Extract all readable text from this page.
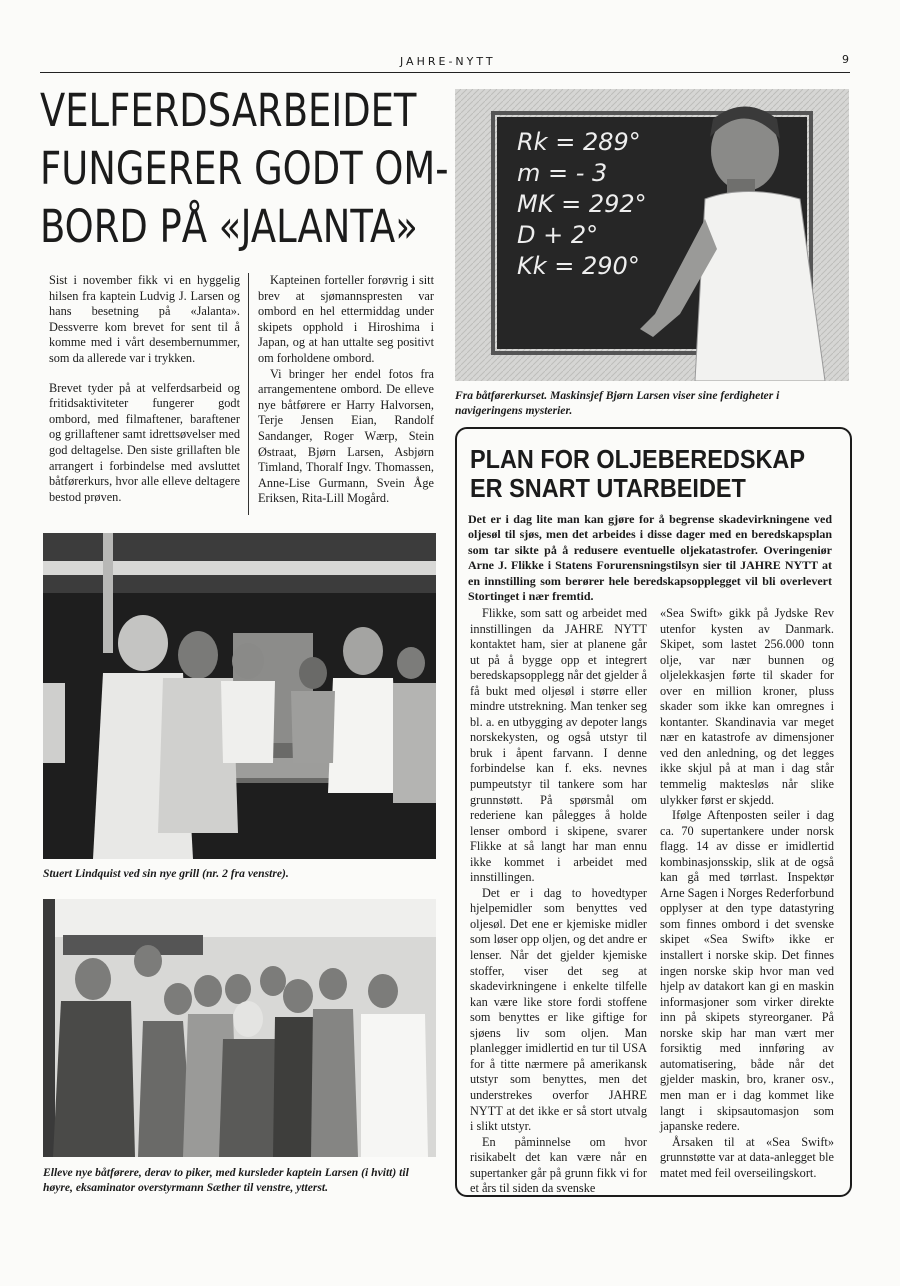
JAHRE-NYTT	9
VELFERDSARBEIDET
FUNGERER GODT OM-
BORD PÅ «JALANTA»

Sist i november fikk vi en hyggelig hilsen fra kaptein Ludvig J. Larsen og hans besetning på «Jalanta». Dessverre kom brevet for sent til å komme med i vårt desembernummer, som da allerede var i trykken.

Brevet tyder på at velferdsarbeid og fritidsaktiviteter fungerer godt ombord, med filmaftener, baraftener og grillaftener samt idrettsøvelser med god deltagelse. Den siste grillaften ble arrangert i forbindelse med avsluttet båtførerkurs, hvor alle elleve deltagere bestod prøven.

Kapteinen forteller forøvrig i sitt brev at sjømannspresten var ombord en hel ettermiddag under skipets opphold i Hiroshima i Japan, og at han uttalte seg positivt om forholdene ombord.

Vi bringer her endel fotos fra arrangementene ombord. De elleve nye båtførere er Harry Halvorsen, Terje Jensen Eian, Randolf Sandanger, Roger Wærp, Stein Østraat, Bjørn Larsen, Asbjørn Timland, Thoralf Ingv. Thomassen, Anne-Lise Gurmann, Svein Åge Eriksen, Rita-Lill Mogård.

Rk = 289°
m = - 3
MK = 292°
D + 2°
Kk = 290°
Fra båtførerkurset. Maskinsjef Bjørn Larsen viser sine ferdigheter i navigeringens mysterier.
Stuert Lindquist ved sin nye grill (nr. 2 fra venstre).
Elleve nye båtførere, derav to piker, med kursleder kaptein Larsen (i hvitt) til høyre, eksaminator overstyrmann Sæther til venstre, ytterst.
PLAN FOR OLJEBEREDSKAP
ER SNART UTARBEIDET
Det er i dag lite man kan gjøre for å begrense skadevirkningene ved oljesøl til sjøs, men det arbeides i disse dager med en beredskapsplan som tar sikte på å redusere eventuelle oljekatastrofer. Overingeniør Arne J. Flikke i Statens Forurensningstilsyn sier til JAHRE NYTT at en innstilling som berører hele beredskapsopplegget vil bli overlevert Stortinget i nær fremtid.

Flikke, som satt og arbeidet med innstillingen da JAHRE NYTT kontaktet ham, sier at planene går ut på å bygge opp et integrert beredskapsopplegg når det gjelder å få bukt med oljesøl i større eller mindre utstrekning. Man tenker seg bl. a. en utbygging av depoter langs norskekysten, og også utstyr til bruk i åpent farvann. I denne forbindelse kan f. eks. nevnes pumpeutstyr til tankere som har grunnstøtt. På spørsmål om rederiene kan pålegges å holde lenser ombord i skipene, svarer Flikke at så langt har man ennu ikke kommet i arbeidet med innstillingen.

Det er i dag to hovedtyper hjelpemidler som benyttes ved oljesøl. Det ene er kjemiske midler som løser opp oljen, og det andre er lenser. Når det gjelder kjemiske stoffer, viser det seg at skadevirkningene i enkelte tilfelle kan være like store fordi stoffene som benyttes er like giftige for sjøens liv som oljen. Man planlegger imidlertid en tur til USA for å titte nærmere på amerikansk utstyr som benyttes, men det understrekes overfor JAHRE NYTT at det ikke er så stort utvalg i slikt utstyr.

En påminnelse om hvor risikabelt det kan være når en supertanker går på grunn fikk vi for et års til siden da svenske

«Sea Swift» gikk på Jydske Rev utenfor kysten av Danmark. Skipet, som lastet 256.000 tonn olje, var nær bunnen og oljelekkasjen førte til skader for over en million kroner, pluss skader som ikke kan omregnes i kontanter. Skandinavia var meget nær en katastrofe av dimensjoner ved den anledning, og det legges ikke skjul på at man i dag står temmelig maktesløs når slike ulykker først er skjedd.

Ifølge Aftenposten seiler i dag ca. 70 supertankere under norsk flagg. 14 av disse er imidlertid kombinasjonsskip, slik at de også kan gå med tørrlast. Inspektør Arne Sagen i Norges Rederforbund opplyser at den type datastyring som finnes ombord i det svenske skipet «Sea Swift» ikke er installert i norske skip. Det finnes ingen norske skip hvor man ved hjelp av datakort kan gi en maskin informasjoner som virker direkte inn på skipets styreorganer. På norske skip har man vært mer forsiktig med innføring av automatisering, både når det gjelder maskin, bro, kraner osv., men man er i dag kommet like langt i skipsautomasjon som japanske redere.

Årsaken til at «Sea Swift» grunnstøtte var at data-anlegget ble matet med feil overseilingskort.
